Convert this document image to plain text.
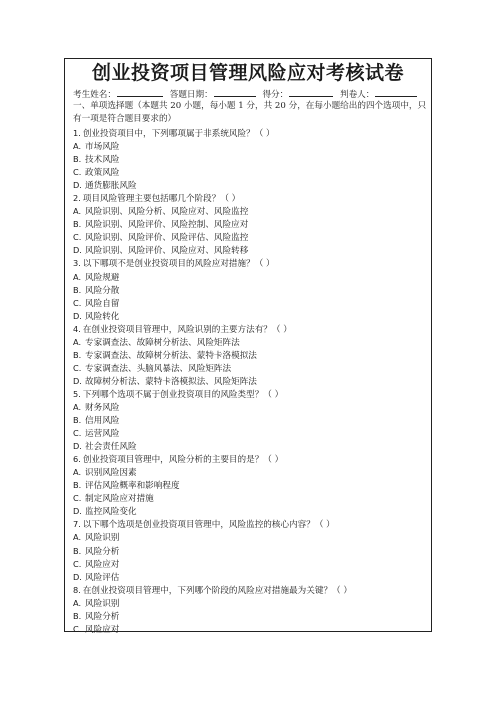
创业投资项目管理风险应对考核试卷
考生姓名：	答题日期：	得分：	判卷人：
一、单项选择题（本题共 20 小题，每小题 1 分，共 20 分，在每小题给出的四个选项中，只有一项是符合题目要求的）
1. 创业投资项目中，下列哪项属于非系统风险？（ ）
A. 市场风险
B. 技术风险
C. 政策风险
D. 通货膨胀风险
2. 项目风险管理主要包括哪几个阶段？（ ）
A. 风险识别、风险分析、风险应对、风险监控
B. 风险识别、风险评价、风险控制、风险应对
C. 风险识别、风险评价、风险评估、风险监控
D. 风险识别、风险评价、风险应对、风险转移
3. 以下哪项不是创业投资项目的风险应对措施？（ ）
A. 风险规避
B. 风险分散
C. 风险自留
D. 风险转化
4. 在创业投资项目管理中，风险识别的主要方法有？（ ）
A. 专家调查法、故障树分析法、风险矩阵法
B. 专家调查法、故障树分析法、蒙特卡洛模拟法
C. 专家调查法、头脑风暴法、风险矩阵法
D. 故障树分析法、蒙特卡洛模拟法、风险矩阵法
5. 下列哪个选项不属于创业投资项目的风险类型？（ ）
A. 财务风险
B. 信用风险
C. 运营风险
D. 社会责任风险
6. 创业投资项目管理中，风险分析的主要目的是？（ ）
A. 识别风险因素
B. 评估风险概率和影响程度
C. 制定风险应对措施
D. 监控风险变化
7. 以下哪个选项是创业投资项目管理中，风险监控的核心内容？（ ）
A. 风险识别
B. 风险分析
C. 风险应对
D. 风险评估
8. 在创业投资项目管理中，下列哪个阶段的风险应对措施最为关键？（ ）
A. 风险识别
B. 风险分析
C. 风险应对
